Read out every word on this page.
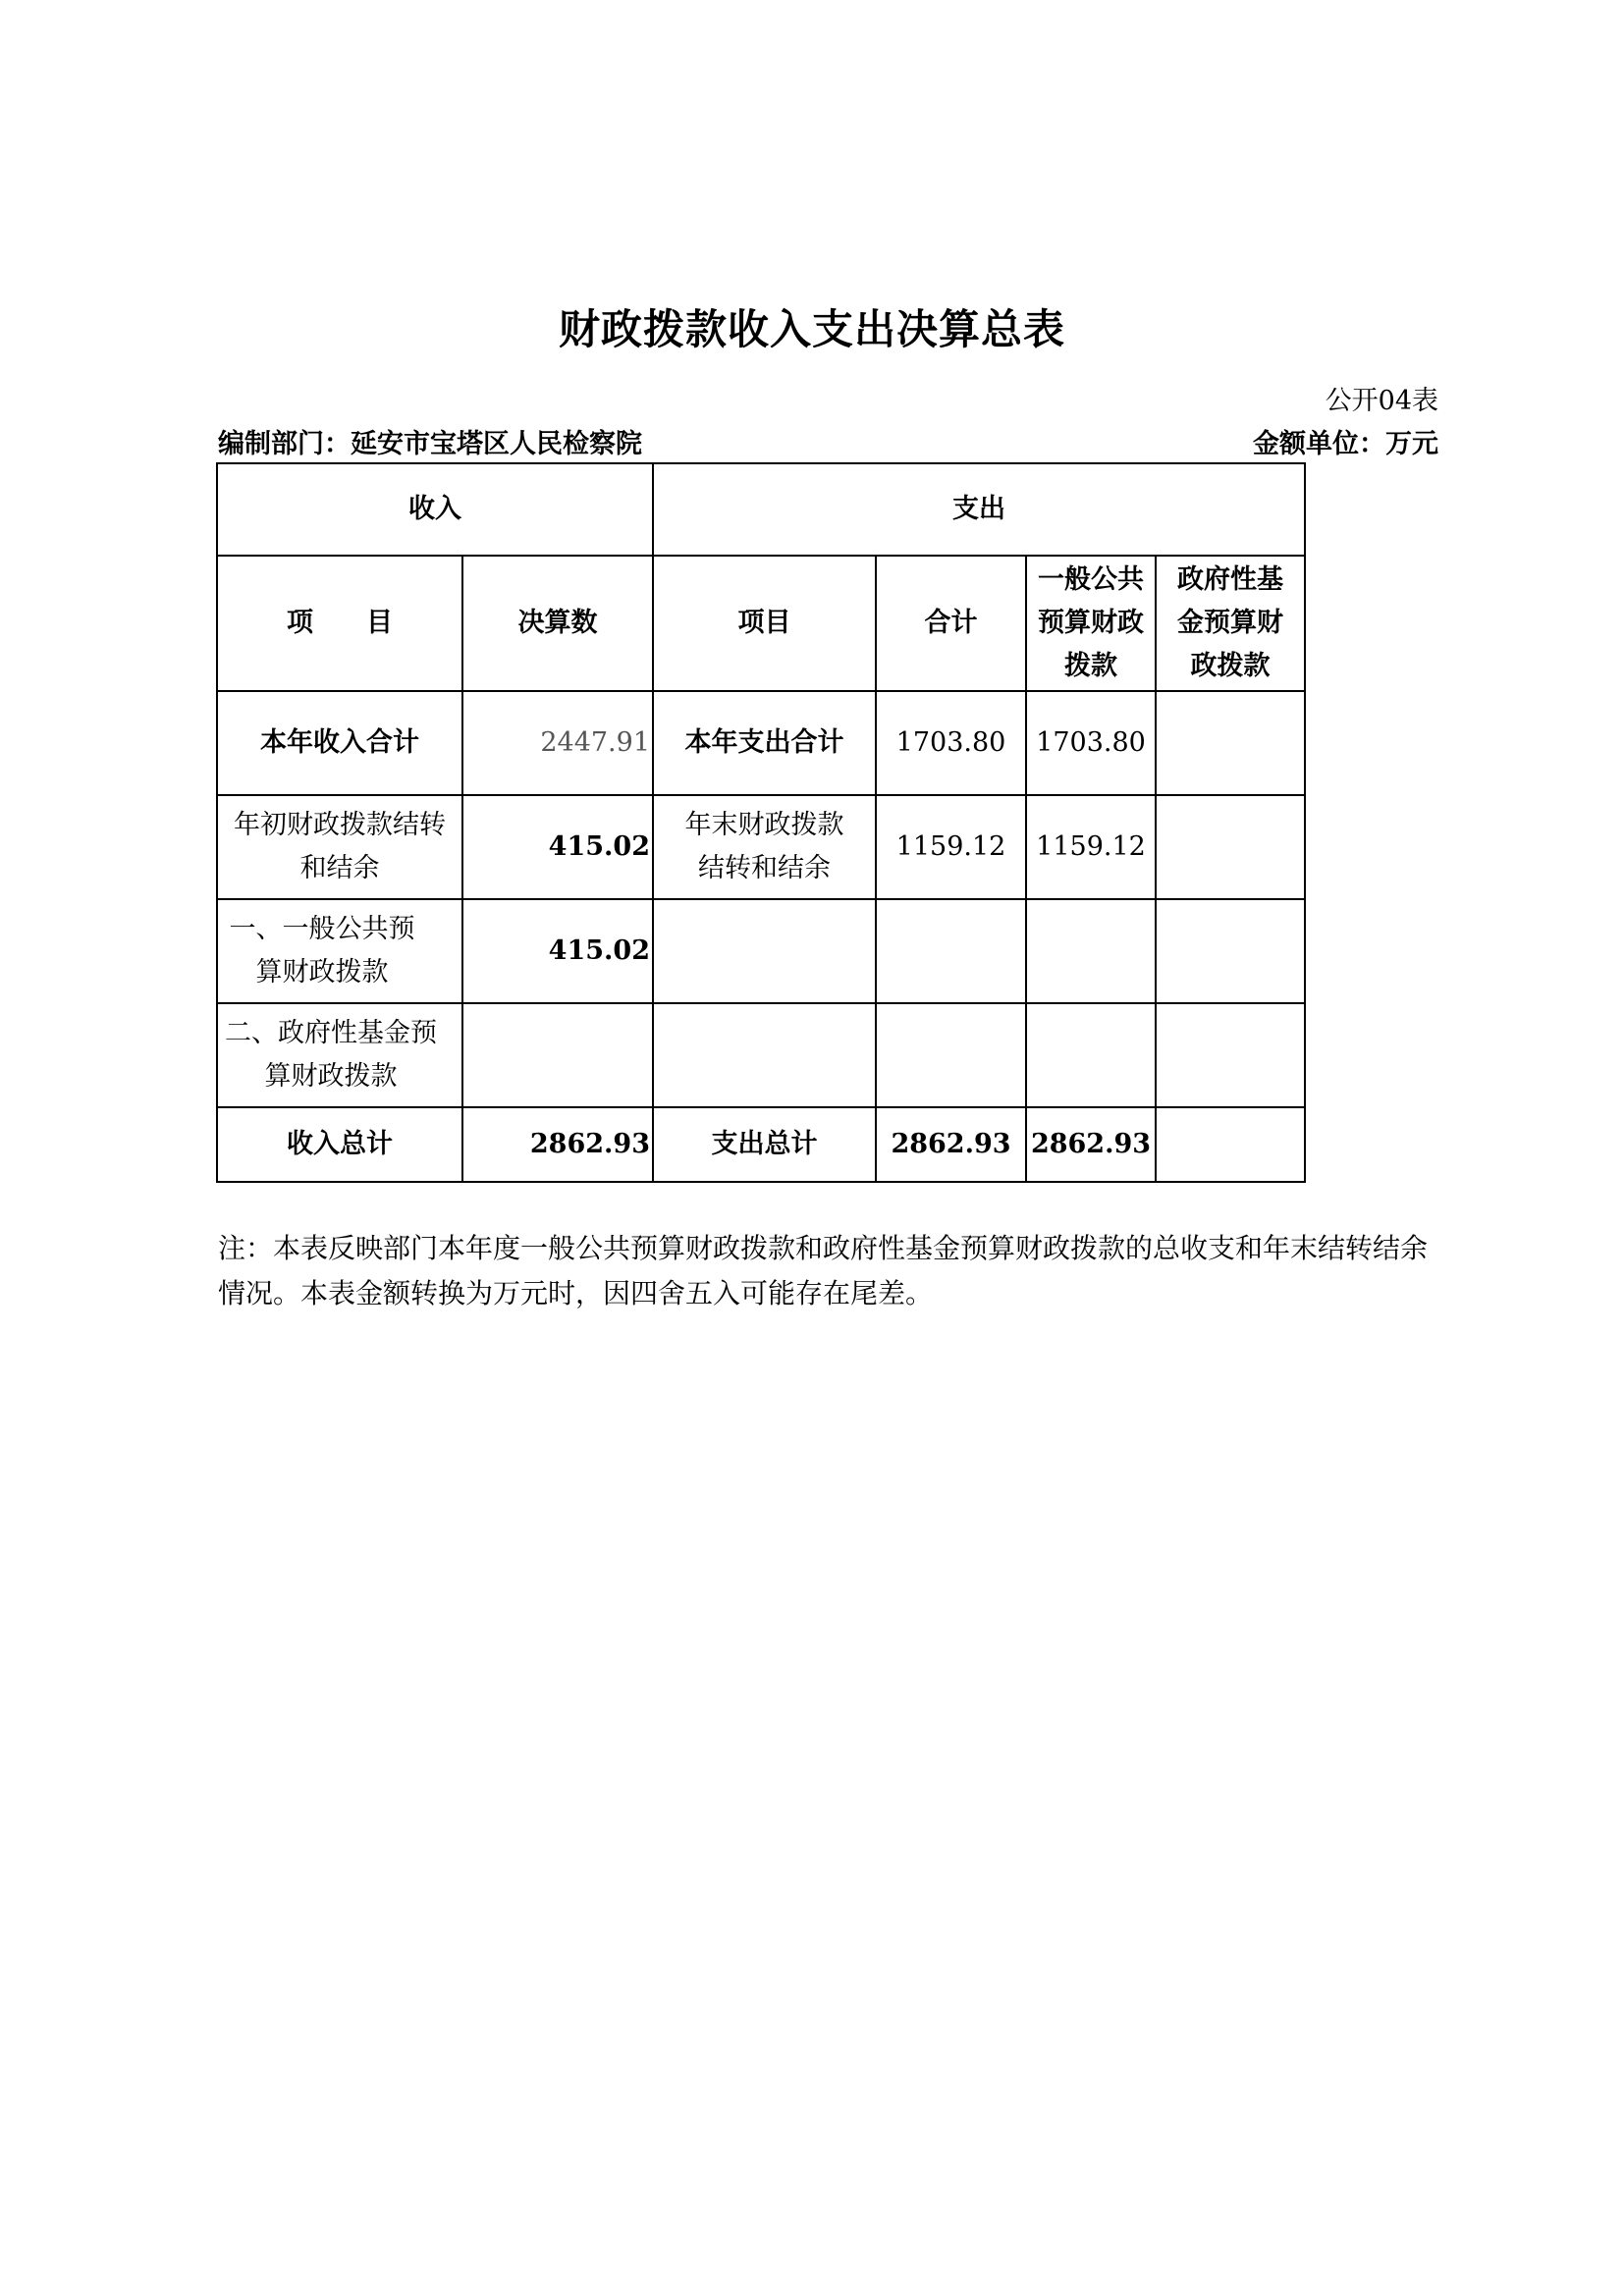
财政拨款收入支出决算总表
公开04表
编制部门：延安市宝塔区人民检察院	金额单位：万元
收入		支出			
项　　目	决算数	项目	合计	一般公共预算财政拨款	政府性基金预算财政拨款
本年收入合计	2447.91	本年支出合计	1703.80	1703.80	
年初财政拨款结转和结余	415.02	年末财政拨款结转和结余	1159.12	1159.12	
一、一般公共预算财政拨款	415.02				
二、政府性基金预算财政拨款					
收入总计	2862.93	支出总计	2862.93	2862.93	

注：本表反映部门本年度一般公共预算财政拨款和政府性基金预算财政拨款的总收支和年末结转结余情况。本表金额转换为万元时，因四舍五入可能存在尾差。
